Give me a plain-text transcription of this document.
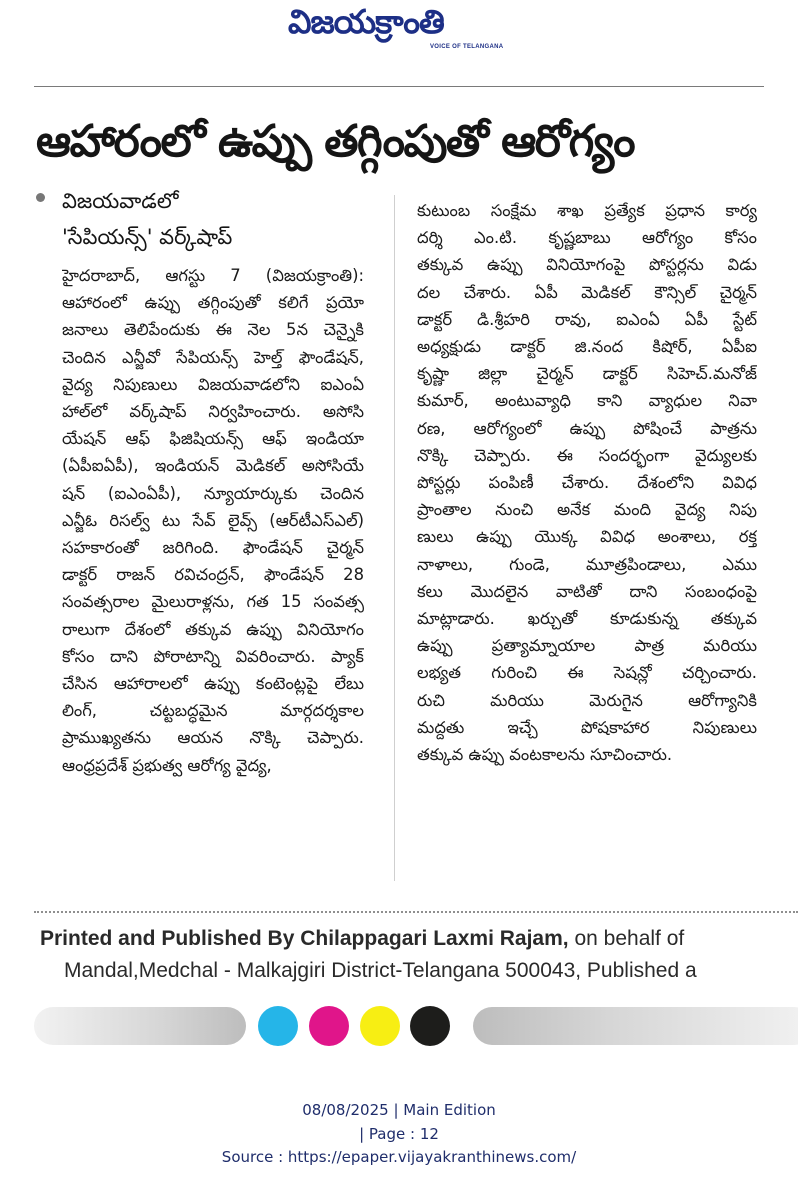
విజయక్రాంతి
VOICE OF TELANGANA
ఆహారంలో ఉప్పు తగ్గింపుతో ఆరోగ్యం
విజయవాడలో
'సేపియన్స్' వర్క్‌షాప్
హైదరాబాద్, ఆగస్టు 7 (విజయక్రాంతి):
ఆహారంలో ఉప్పు తగ్గింపుతో కలిగే ప్రయో
జనాలు తెలిపేందుకు ఈ నెల 5న చెన్నైకి
చెందిన ఎన్జీవో సేపియన్స్ హెల్త్ ఫౌండేషన్,
వైద్య నిపుణులు విజయవాడలోని ఐఎంఏ
హాల్‌లో వర్క్‌షాప్ నిర్వహించారు. అసోసి
యేషన్ ఆఫ్ ఫిజిషియన్స్ ఆఫ్ ఇండియా
(ఏపీఐఏపీ), ఇండియన్ మెడికల్ అసోసియే
షన్ (ఐఎంఏపీ), న్యూయార్కుకు చెందిన
ఎన్జీఓ రిసల్వ్ టు సేవ్ లైవ్స్ (ఆర్‌టీఎస్ఎల్)
సహకారంతో జరిగింది. ఫౌండేషన్ చైర్మన్
డాక్టర్ రాజన్ రవిచంద్రన్, ఫౌండేషన్ 28
సంవత్సరాల మైలురాళ్లను, గత 15 సంవత్స
రాలుగా దేశంలో తక్కువ ఉప్పు వినియోగం
కోసం దాని పోరాటాన్ని వివరించారు. ప్యాక్
చేసిన ఆహారాలలో ఉప్పు కంటెంట్లపై లేబు
లింగ్, చట్టబద్ధమైన మార్గదర్శకాల
ప్రాముఖ్యతను ఆయన నొక్కి చెప్పారు.
ఆంధ్రప్రదేశ్ ప్రభుత్వ ఆరోగ్య వైద్య,
కుటుంబ సంక్షేమ శాఖ ప్రత్యేక ప్రధాన కార్య
దర్శి ఎం.టి. కృష్ణబాబు ఆరోగ్యం కోసం
తక్కువ ఉప్పు వినియోగంపై పోస్టర్లను విడు
దల చేశారు. ఏపీ మెడికల్ కౌన్సిల్ చైర్మన్
డాక్టర్ డి.శ్రీహరి రావు, ఐఎంఏ ఏపీ స్టేట్
అధ్యక్షుడు డాక్టర్ జి.నంద కిషోర్, ఏపీఐ
కృష్ణా జిల్లా చైర్మన్ డాక్టర్ సిహెచ్.మనోజ్
కుమార్, అంటువ్యాధి కాని వ్యాధుల నివా
రణ, ఆరోగ్యంలో ఉప్పు పోషించే పాత్రను
నొక్కి చెప్పారు. ఈ సందర్భంగా వైద్యులకు
పోస్టర్లు పంపిణీ చేశారు. దేశంలోని వివిధ
ప్రాంతాల నుంచి అనేక మంది వైద్య నిపు
ణులు ఉప్పు యొక్క వివిధ అంశాలు, రక్త
నాళాలు, గుండె, మూత్రపిండాలు, ఎము
కలు మొదలైన వాటితో దాని సంబంధంపై
మాట్లాడారు. ఖర్చుతో కూడుకున్న తక్కువ
ఉప్పు ప్రత్యామ్నాయాల పాత్ర మరియు
లభ్యత గురించి ఈ సెషన్లో చర్చించారు.
రుచి మరియు మెరుగైన ఆరోగ్యానికి
మద్దతు ఇచ్చే పోషకాహార నిపుణులు
తక్కువ ఉప్పు వంటకాలను సూచించారు.
Printed and Published By Chilappagari Laxmi Rajam, on behalf of
Mandal,Medchal - Malkajgiri District-Telangana 500043, Published a
08/08/2025 | Main Edition
| Page : 12
Source : https://epaper.vijayakranthinews.com/
